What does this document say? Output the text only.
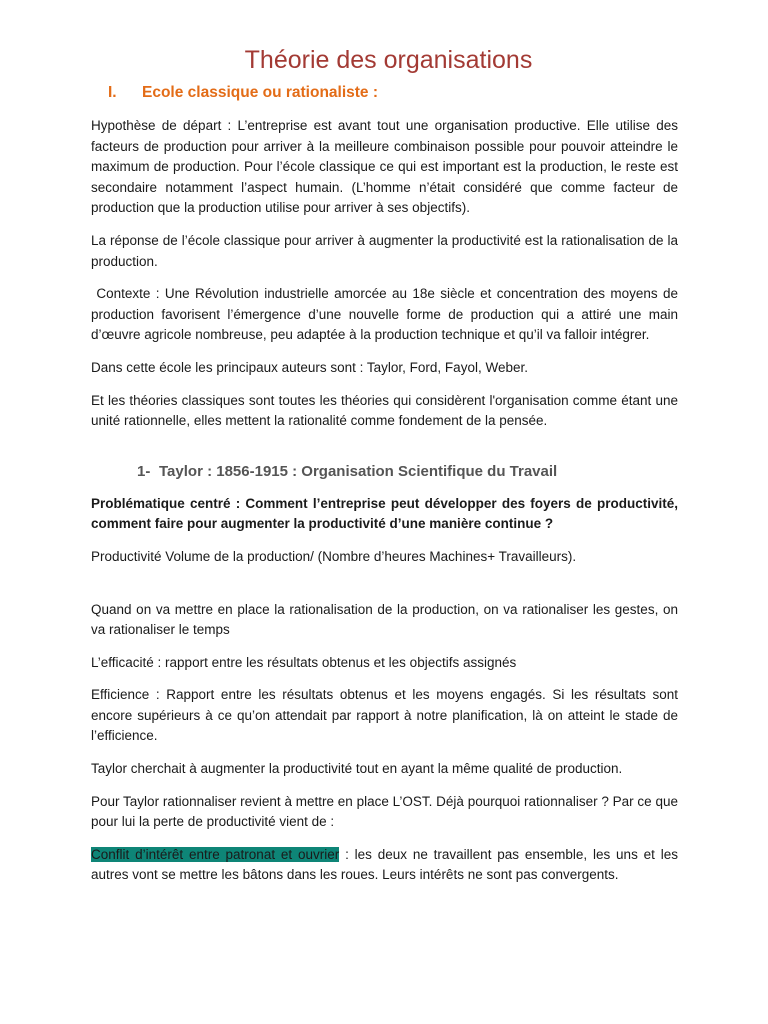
Théorie des organisations
I. Ecole classique ou rationaliste :

Hypothèse de départ : L’entreprise est avant tout une organisation productive. Elle utilise des facteurs de production pour arriver à la meilleure combinaison possible pour pouvoir atteindre le maximum de production. Pour l’école classique ce qui est important est la production, le reste est secondaire notamment l’aspect humain. (L’homme n’était considéré que comme facteur de production que la production utilise pour arriver à ses objectifs).

La réponse de l’école classique pour arriver à augmenter la productivité est la rationalisation de la production.

Contexte : Une Révolution industrielle amorcée au 18e siècle et concentration des moyens de production favorisent l’émergence d’une nouvelle forme de production qui a attiré une main d’œuvre agricole nombreuse, peu adaptée à la production technique et qu’il va falloir intégrer.

Dans cette école les principaux auteurs sont : Taylor, Ford, Fayol, Weber.

Et les théories classiques sont toutes les théories qui considèrent l'organisation comme étant une unité rationnelle, elles mettent la rationalité comme fondement de la pensée.

1- Taylor : 1856-1915 : Organisation Scientifique du Travail

Problématique centré : Comment l’entreprise peut développer des foyers de productivité, comment faire pour augmenter la productivité d’une manière continue ?

Productivité Volume de la production/ (Nombre d’heures Machines+ Travailleurs).

Quand on va mettre en place la rationalisation de la production, on va rationaliser les gestes, on va rationaliser le temps

L’efficacité : rapport entre les résultats obtenus et les objectifs assignés

Efficience : Rapport entre les résultats obtenus et les moyens engagés. Si les résultats sont encore supérieurs à ce qu’on attendait par rapport à notre planification, là on atteint le stade de l’efficience.

Taylor cherchait à augmenter la productivité tout en ayant la même qualité de production.

Pour Taylor rationnaliser revient à mettre en place L’OST. Déjà pourquoi rationnaliser ? Par ce que pour lui la perte de productivité vient de :

Conflit d’intérêt entre patronat et ouvrier : les deux ne travaillent pas ensemble, les uns et les autres vont se mettre les bâtons dans les roues. Leurs intérêts ne sont pas convergents.
